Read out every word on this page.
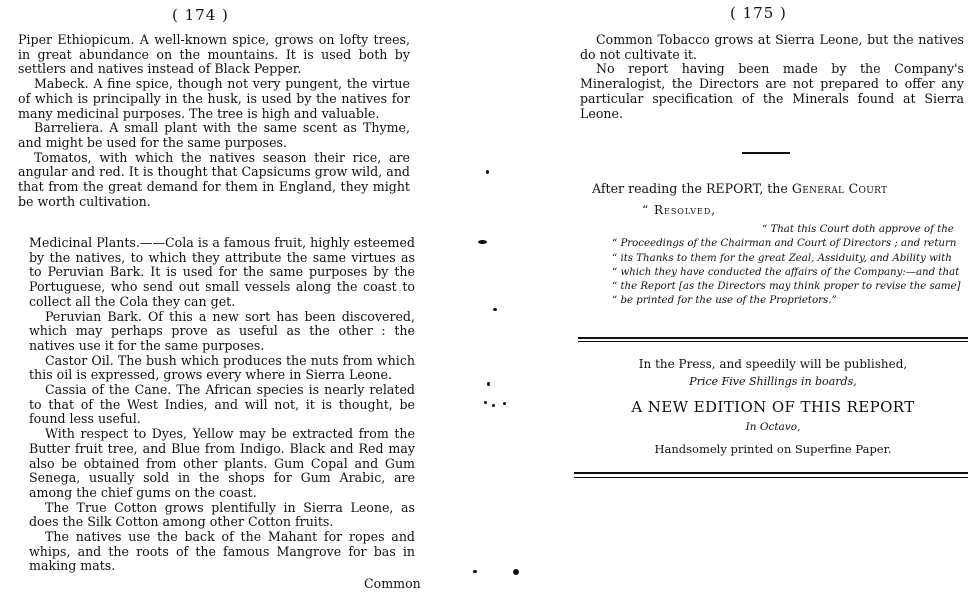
( 174 )

Piper Ethiopicum. A well-known spice, grows on lofty trees, in great abundance on the mountains. It is used both by settlers and natives instead of Black Pepper.

Mabeck. A fine spice, though not very pungent, the virtue of which is principally in the husk, is used by the natives for many medicinal purposes. The tree is high and valuable.

Barreliera. A small plant with the same scent as Thyme, and might be used for the same purposes.

Tomatos, with which the natives season their rice, are angular and red. It is thought that Capsicums grow wild, and that from the great demand for them in England, they might be worth cultivation.

Medicinal Plants.——Cola is a famous fruit, highly esteemed by the natives, to which they attribute the same virtues as to Peruvian Bark. It is used for the same purposes by the Portuguese, who send out small vessels along the coast to collect all the Cola they can get.

Peruvian Bark. Of this a new sort has been discovered, which may perhaps prove as useful as the other : the natives use it for the same purposes.

Castor Oil. The bush which produces the nuts from which this oil is expressed, grows every where in Sierra Leone.

Cassia of the Cane. The African species is nearly related to that of the West Indies, and will not, it is thought, be found less useful.

With respect to Dyes, Yellow may be extracted from the Butter fruit tree, and Blue from Indigo. Black and Red may also be obtained from other plants. Gum Copal and Gum Senega, usually sold in the shops for Gum Arabic, are among the chief gums on the coast.

The True Cotton grows plentifully in Sierra Leone, as does the Silk Cotton among other Cotton fruits.

The natives use the back of the Mahant for ropes and whips, and the roots of the famous Mangrove for bas in making mats.

Common
( 175 )

Common Tobacco grows at Sierra Leone, but the natives do not cultivate it.

No report having been made by the Company's Mineralogist, the Directors are not prepared to offer any particular specification of the Minerals found at Sierra Leone.

After reading the REPORT, the General Court
“ Resolved,
“ That this Court doth approve of the
“ Proceedings of the Chairman and Court of Directors ; and return
“ its Thanks to them for the great Zeal, Assiduity, and Ability with
“ which they have conducted the affairs of the Company:—and that
“ the Report [as the Directors may think proper to revise the same]
“ be printed for the use of the Proprietors.”
In the Press, and speedily will be published,
Price Five Shillings in boards,
A NEW EDITION OF THIS REPORT
In Octavo,
Handsomely printed on Superfine Paper.
